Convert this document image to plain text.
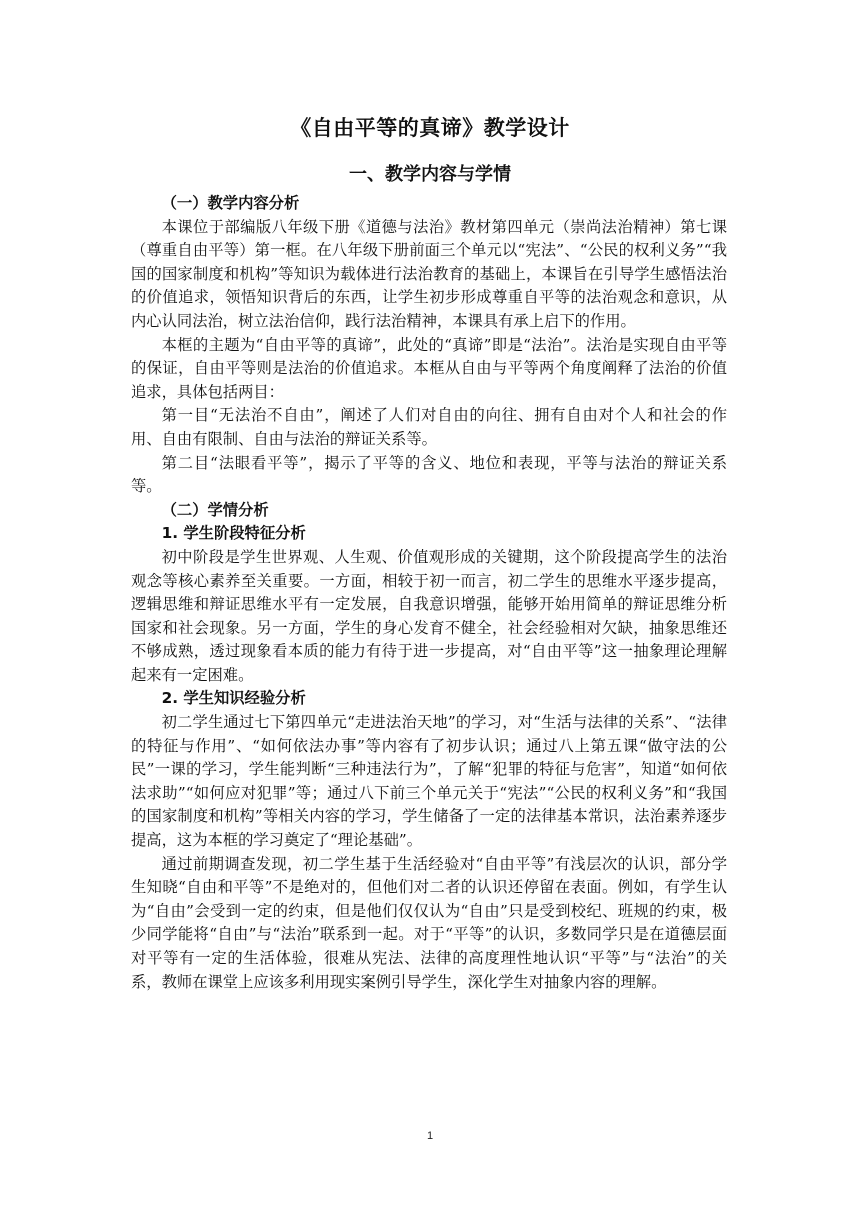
《自由平等的真谛》教学设计
一、教学内容与学情
（一）教学内容分析

本课位于部编版八年级下册《道德与法治》教材第四单元（崇尚法治精神）第七课（尊重自由平等）第一框。在八年级下册前面三个单元以“宪法”、“公民的权利义务”“我国的国家制度和机构”等知识为载体进行法治教育的基础上，本课旨在引导学生感悟法治的价值追求，领悟知识背后的东西，让学生初步形成尊重自平等的法治观念和意识，从内心认同法治，树立法治信仰，践行法治精神，本课具有承上启下的作用。

本框的主题为“自由平等的真谛”，此处的“真谛”即是“法治”。法治是实现自由平等的保证，自由平等则是法治的价值追求。本框从自由与平等两个角度阐释了法治的价值追求，具体包括两目：

第一目“无法治不自由”，阐述了人们对自由的向往、拥有自由对个人和社会的作用、自由有限制、自由与法治的辩证关系等。

第二目“法眼看平等”，揭示了平等的含义、地位和表现，平等与法治的辩证关系等。

（二）学情分析
1. 学生阶段特征分析

初中阶段是学生世界观、人生观、价值观形成的关键期，这个阶段提高学生的法治观念等核心素养至关重要。一方面，相较于初一而言，初二学生的思维水平逐步提高，逻辑思维和辩证思维水平有一定发展，自我意识增强，能够开始用简单的辩证思维分析国家和社会现象。另一方面，学生的身心发育不健全，社会经验相对欠缺，抽象思维还不够成熟，透过现象看本质的能力有待于进一步提高，对“自由平等”这一抽象理论理解起来有一定困难。

2. 学生知识经验分析

初二学生通过七下第四单元“走进法治天地”的学习，对“生活与法律的关系”、“法律的特征与作用”、“如何依法办事”等内容有了初步认识；通过八上第五课“做守法的公民”一课的学习，学生能判断“三种违法行为”，了解“犯罪的特征与危害”，知道“如何依法求助”“如何应对犯罪”等；通过八下前三个单元关于“宪法”“公民的权利义务”和“我国的国家制度和机构”等相关内容的学习，学生储备了一定的法律基本常识，法治素养逐步提高，这为本框的学习奠定了“理论基础”。

通过前期调查发现，初二学生基于生活经验对“自由平等”有浅层次的认识，部分学生知晓“自由和平等”不是绝对的，但他们对二者的认识还停留在表面。例如，有学生认为“自由”会受到一定的约束，但是他们仅仅认为“自由”只是受到校纪、班规的约束，极少同学能将“自由”与“法治”联系到一起。对于“平等”的认识，多数同学只是在道德层面对平等有一定的生活体验，很难从宪法、法律的高度理性地认识“平等”与“法治”的关系，教师在课堂上应该多利用现实案例引导学生，深化学生对抽象内容的理解。

1
